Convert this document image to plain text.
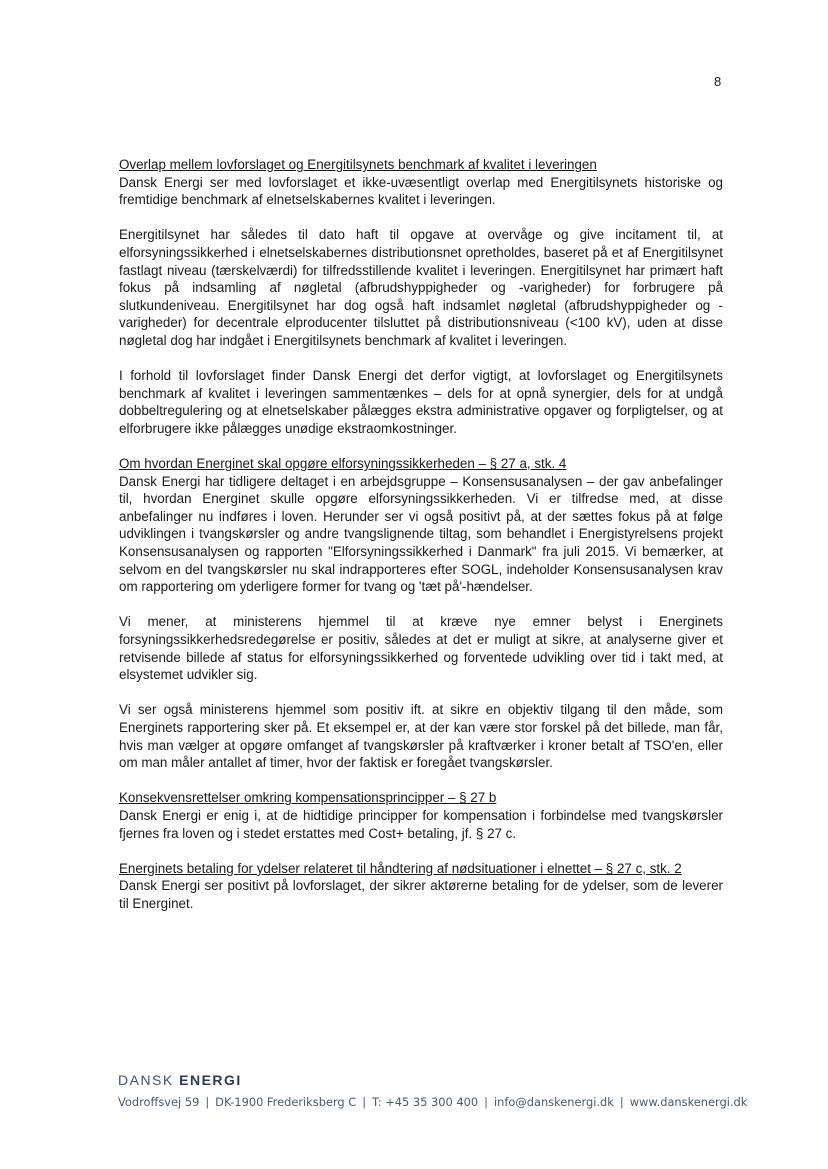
8

Overlap mellem lovforslaget og Energitilsynets benchmark af kvalitet i leveringen

Dansk Energi ser med lovforslaget et ikke-uvæsentligt overlap med Energitilsynets historiske og fremtidige benchmark af elnetselskabernes kvalitet i leveringen.

Energitilsynet har således til dato haft til opgave at overvåge og give incitament til, at elforsyningssikkerhed i elnetselskabernes distributionsnet opretholdes, baseret på et af Energitilsynet fastlagt niveau (tærskelværdi) for tilfredsstillende kvalitet i leveringen. Energitilsynet har primært haft fokus på indsamling af nøgletal (afbrudshyppigheder og -varigheder) for forbrugere på slutkundeniveau. Energitilsynet har dog også haft indsamlet nøgletal (afbrudshyppigheder og -varigheder) for decentrale elproducenter tilsluttet på distributionsniveau (<100 kV), uden at disse nøgletal dog har indgået i Energitilsynets benchmark af kvalitet i leveringen.

I forhold til lovforslaget finder Dansk Energi det derfor vigtigt, at lovforslaget og Energitilsynets benchmark af kvalitet i leveringen sammentænkes – dels for at opnå synergier, dels for at undgå dobbeltregulering og at elnetselskaber pålægges ekstra administrative opgaver og forpligtelser, og at elforbrugere ikke pålægges unødige ekstraomkostninger.

Om hvordan Energinet skal opgøre elforsyningssikkerheden – § 27 a, stk. 4

Dansk Energi har tidligere deltaget i en arbejdsgruppe – Konsensusanalysen – der gav anbefalinger til, hvordan Energinet skulle opgøre elforsyningssikkerheden. Vi er tilfredse med, at disse anbefalinger nu indføres i loven. Herunder ser vi også positivt på, at der sættes fokus på at følge udviklingen i tvangskørsler og andre tvangslignende tiltag, som behandlet i Energistyrelsens projekt Konsensusanalysen og rapporten "Elforsyningssikkerhed i Danmark" fra juli 2015. Vi bemærker, at selvom en del tvangskørsler nu skal indrapporteres efter SOGL, indeholder Konsensusanalysen krav om rapportering om yderligere former for tvang og 'tæt på'-hændelser.

Vi mener, at ministerens hjemmel til at kræve nye emner belyst i Energinets forsyningssikkerhedsredegørelse er positiv, således at det er muligt at sikre, at analyserne giver et retvisende billede af status for elforsyningssikkerhed og forventede udvikling over tid i takt med, at elsystemet udvikler sig.

Vi ser også ministerens hjemmel som positiv ift. at sikre en objektiv tilgang til den måde, som Energinets rapportering sker på. Et eksempel er, at der kan være stor forskel på det billede, man får, hvis man vælger at opgøre omfanget af tvangskørsler på kraftværker i kroner betalt af TSO'en, eller om man måler antallet af timer, hvor der faktisk er foregået tvangskørsler.

Konsekvensrettelser omkring kompensationsprincipper – § 27 b

Dansk Energi er enig i, at de hidtidige principper for kompensation i forbindelse med tvangskørsler fjernes fra loven og i stedet erstattes med Cost+ betaling, jf. § 27 c.

Energinets betaling for ydelser relateret til håndtering af nødsituationer i elnettet – § 27 c, stk. 2

Dansk Energi ser positivt på lovforslaget, der sikrer aktørerne betaling for de ydelser, som de leverer til Energinet.

DANSK ENERGI
Vodroffsvej 59 | DK-1900 Frederiksberg C | T: +45 35 300 400 | info@danskenergi.dk | www.danskenergi.dk
